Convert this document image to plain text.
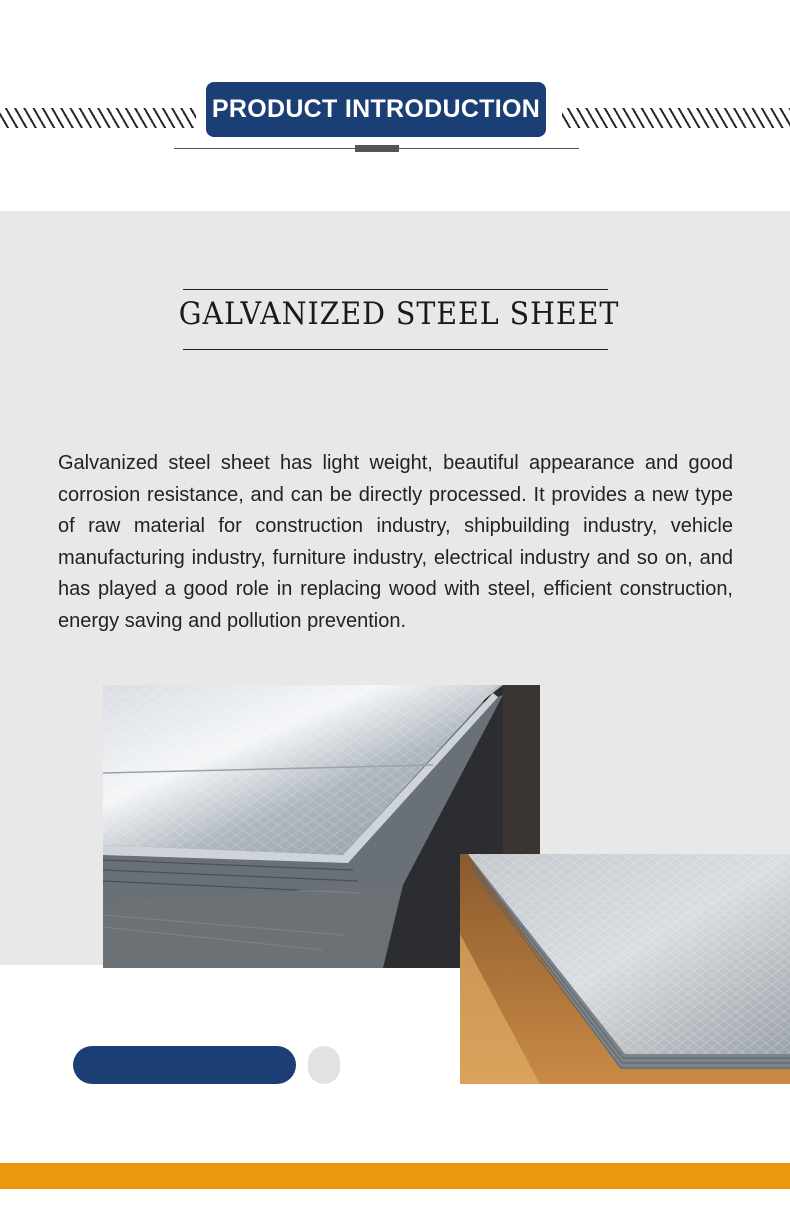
PRODUCT INTRODUCTION
GALVANIZED STEEL SHEET

Galvanized steel sheet has light weight, beautiful appearance and good corrosion resistance, and can be directly processed. It provides a new type of raw material for construction industry, shipbuilding industry, vehicle manufacturing industry, furniture industry, electrical industry and so on, and has played a good role in replacing wood with steel, efficient construction, energy saving and pollution prevention.
